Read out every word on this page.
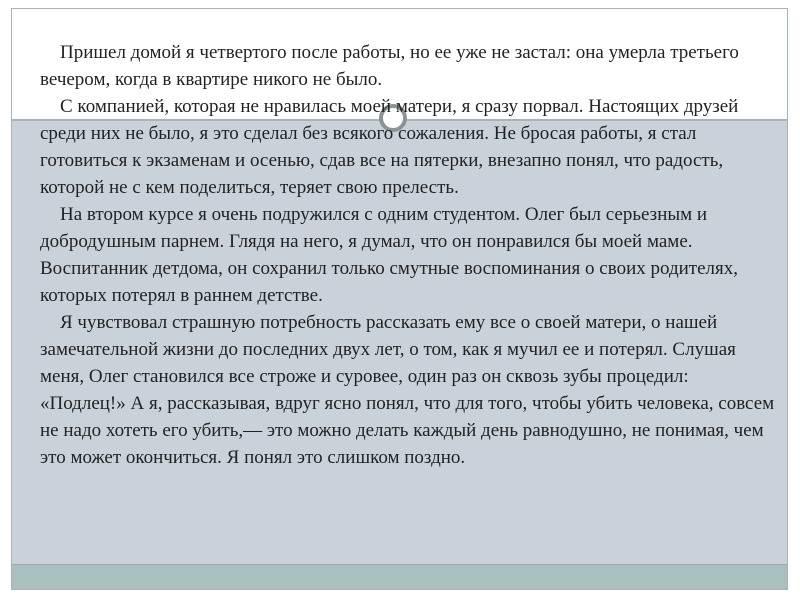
Пришел домой я четвертого после работы, но ее уже не застал: она умерла третьего вечером, когда в квартире никого не было.

С компанией, которая не нравилась моей матери, я сразу порвал. Настоящих друзей среди них не было, я это сделал без всякого сожаления. Не бросая работы, я стал готовиться к экзаменам и осенью, сдав все на пятерки, внезапно понял, что радость, которой не с кем поделиться, теряет свою прелесть.

На втором курсе я очень подружился с одним студентом. Олег был серьезным и добродушным парнем. Глядя на него, я думал, что он понравился бы моей маме. Воспитанник детдома, он сохранил только смутные воспоминания о своих родителях, которых потерял в раннем детстве.

Я чувствовал страшную потребность рассказать ему все о своей матери, о нашей замечательной жизни до последних двух лет, о том, как я мучил ее и потерял. Слушая меня, Олег становился все строже и суровее, один раз он сквозь зубы процедил: «Подлец!» А я, рассказывая, вдруг ясно понял, что для того, чтобы убить человека, совсем не надо хотеть его убить,— это можно делать каждый день равнодушно, не понимая, чем это может окончиться. Я понял это слишком поздно.
